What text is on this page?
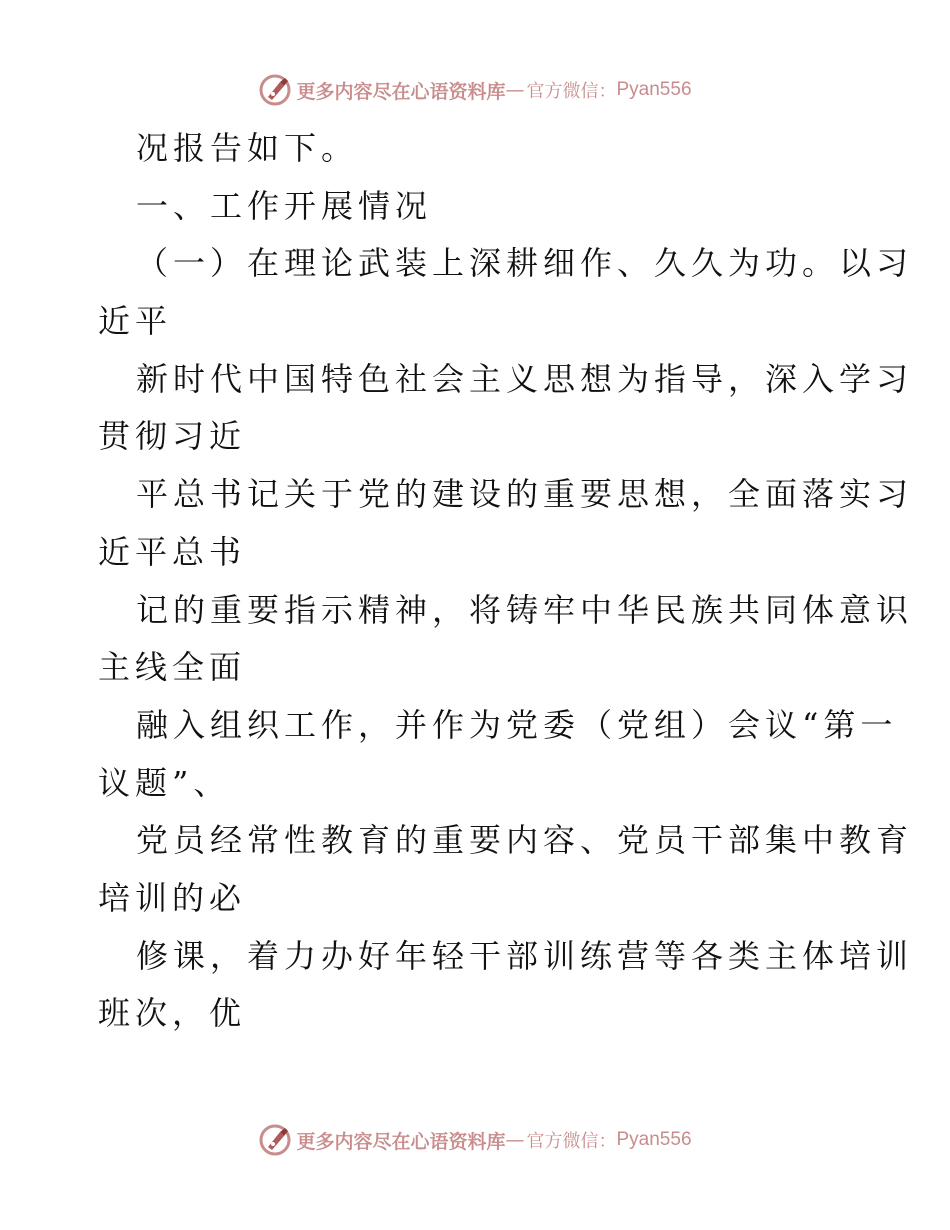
更多内容尽在心语资料库 — 官方微信： Pyan556
况报告如下。
一、工作开展情况
（一）在理论武装上深耕细作、久久为功。以习
近平
新时代中国特色社会主义思想为指导，深入学习
贯彻习近
平总书记关于党的建设的重要思想，全面落实习
近平总书
记的重要指示精神，将铸牢中华民族共同体意识
主线全面
融入组织工作，并作为党委（党组）会议“第一
议题”、
党员经常性教育的重要内容、党员干部集中教育
培训的必
修课，着力办好年轻干部训练营等各类主体培训
班次，优
更多内容尽在心语资料库 — 官方微信： Pyan556
